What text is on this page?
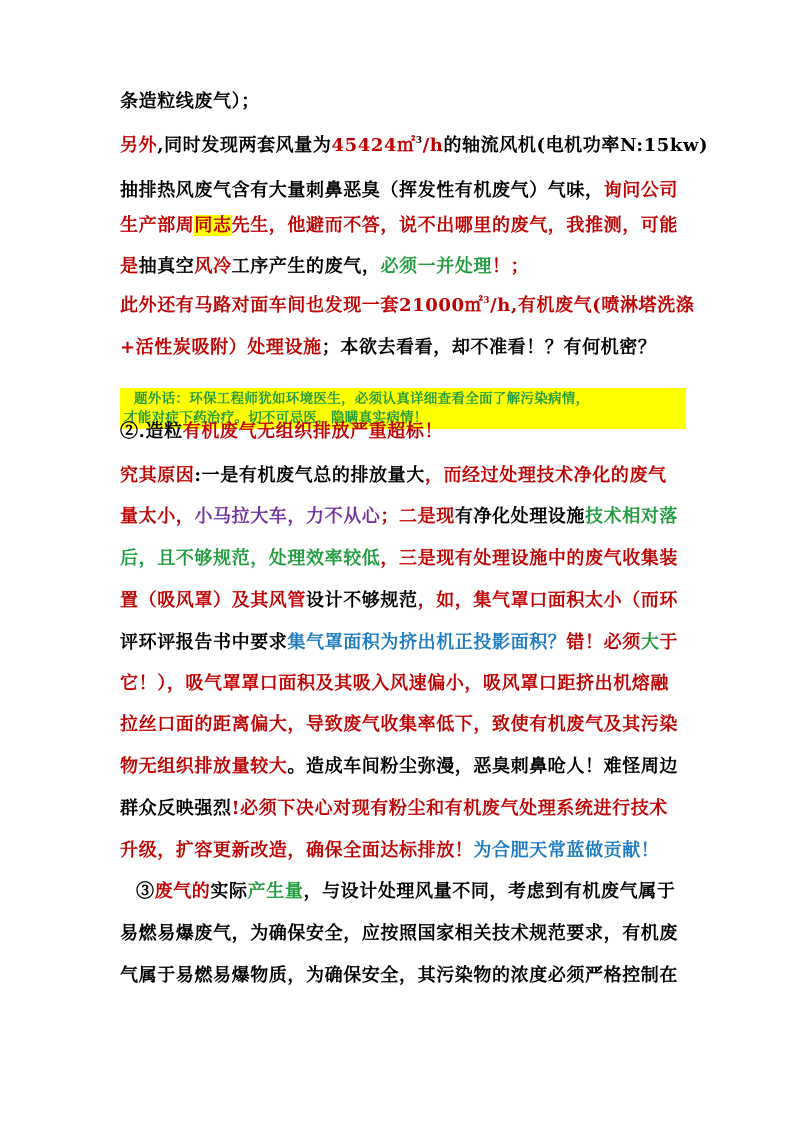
条造粒线废气）；
另外,同时发现两套风量为45424㎡$^3$/h的轴流风机(电机功率N:15kw)
抽排热风废气含有大量刺鼻恶臭（挥发性有机废气）气味，询问公司
生产部周同志先生，他避而不答，说不出哪里的废气，我推测，可能
是抽真空风冷工序产生的废气，必须一并处理！；
此外还有马路对面车间也发现一套21000㎡$^3$/h,有机废气(喷淋塔洗涤
+活性炭吸附）处理设施；本欲去看看，却不准看！？有何机密？
题外话：环保工程师犹如环境医生，必须认真详细查看全面了解污染病情，
才能对症下药治疗。切不可忌医，隐瞒真实病情！
②.造粒有机废气无组织排放严重超标！
究其原因:一是有机废气总的排放量大，而经过处理技术净化的废气
量太小，小马拉大车，力不从心；二是现有净化处理设施技术相对落
后，且不够规范，处理效率较低，三是现有处理设施中的废气收集装
置（吸风罩）及其风管设计不够规范，如，集气罩口面积太小（而环
评环评报告书中要求集气罩面积为挤出机正投影面积？错！必须大于
它！），吸气罩罩口面积及其吸入风速偏小，吸风罩口距挤出机熔融
拉丝口面的距离偏大，导致废气收集率低下，致使有机废气及其污染
物无组织排放量较大。造成车间粉尘弥漫，恶臭刺鼻呛人！难怪周边
群众反映强烈!必须下决心对现有粉尘和有机废气处理系统进行技术
升级，扩容更新改造，确保全面达标排放！为合肥天常蓝做贡献！
③废气的实际产生量，与设计处理风量不同，考虑到有机废气属于
易燃易爆废气，为确保安全，应按照国家相关技术规范要求，有机废
气属于易燃易爆物质，为确保安全，其污染物的浓度必须严格控制在
